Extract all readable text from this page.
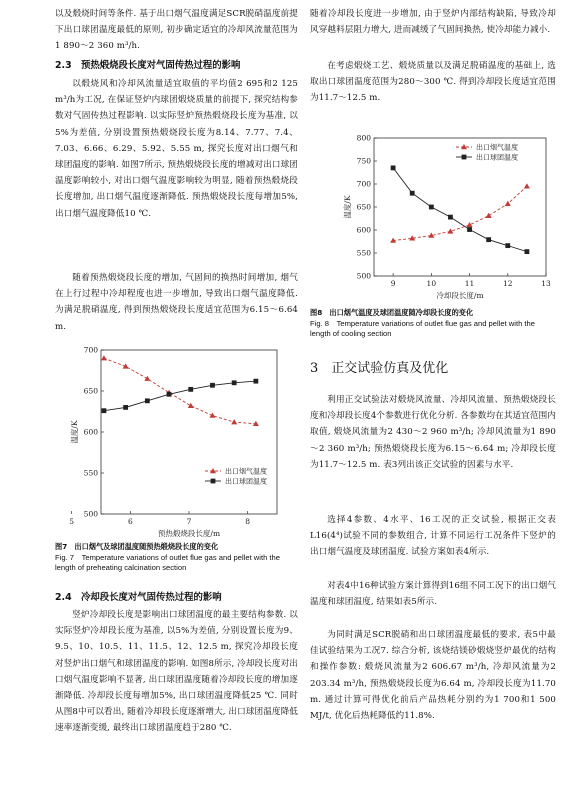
以及煅烧时间等条件. 基于出口烟气温度满足SCR脱硝温度前提下出口球团温度最低的原则, 初步确定适宜的冷却风流量范围为1 890～2 360 m³/h.

2.3　预热煅烧段长度对气固传热过程的影响

以煅烧风和冷却风流量适宜取值的平均值2 695和2 125 m³/h为工况, 在保证竖炉内球团煅烧质量的前提下, 探究结构参数对气固传热过程影响. 以实际竖炉预热煅烧段长度为基准, 以5%为差值, 分别设置预热煅烧段长度为8.14、7.77、7.4、7.03、6.66、6.29、5.92、5.55 m, 探究长度对出口烟气和球团温度的影响. 如图7所示, 预热煅烧段长度的增减对出口球团温度影响较小, 对出口烟气温度影响较为明显, 随着预热煅烧段长度增加, 出口烟气温度逐渐降低. 预热煅烧段长度每增加5%, 出口烟气温度降低10 ℃.

随着预热煅烧段长度的增加, 气固间的换热时间增加, 烟气在上行过程中冷却程度也进一步增加, 导致出口烟气温度降低. 为满足脱硝温度, 得到预热煅烧段长度适宜范围为6.15～6.64 m.

5	6	7	8
500
550
600
650
700
预热煅烧段长度/m
温度/K
出口烟气温度
出口球团温度
图7　出口烟气及球团温度随预热煅烧段长度的变化
Fig. 7　Temperature variations of outlet flue gas and pellet with the length of preheating calcination section
2.4　冷却段长度对气固传热过程的影响

竖炉冷却段长度是影响出口球团温度的最主要结构参数. 以实际竖炉冷却段长度为基准, 以5%为差值, 分别设置长度为9、9.5、10、10.5、11、11.5、12、12.5 m, 探究冷却段长度对竖炉出口烟气和球团温度的影响. 如图8所示, 冷却段长度对出口烟气温度影响不显著, 出口球团温度随着冷却段长度的增加逐渐降低. 冷却段长度每增加5%, 出口球团温度降低25 ℃. 同时从图8中可以看出, 随着冷却段长度逐渐增大, 出口球团温度降低速率逐渐变缓, 最终出口球团温度趋于280 ℃.

随着冷却段长度进一步增加, 由于竖炉内部结构缺陷, 导致冷却风穿越料层阻力增大, 进而减缓了气固间换热, 使冷却能力减小.

在考虑煅烧工艺、煅烧质量以及满足脱硝温度的基础上, 选取出口球团温度范围为280～300 ℃. 得到冷却段长度适宜范围为11.7～12.5 m.

9	10	11	12	13
500
550
600
650
700
750
800
冷却段长度/m
温度/K
出口烟气温度
出口球团温度
图8　出口烟气温度及球团温度随冷却段长度的变化
Fig. 8　Temperature variations of outlet flue gas and pellet with the length of cooling section
3　正交试验仿真及优化

利用正交试验法对煅烧风流量、冷却风流量、预热煅烧段长度和冷却段长度4个参数进行优化分析. 各参数均在其适宜范围内取值, 煅烧风流量为2 430～2 960 m³/h; 冷却风流量为1 890～2 360 m³/h; 预热煅烧段长度为6.15～6.64 m; 冷却段长度为11.7～12.5 m. 表3列出该正交试验的因素与水平.

选择4参数、4水平、16工况的正交试验, 根据正交表L16(4⁴)试验不同的参数组合, 计算不同运行工况条件下竖炉的出口烟气温度及球团温度. 试验方案如表4所示.

对表4中16种试验方案计算得到16组不同工况下的出口烟气温度和球团温度, 结果如表5所示.

为同时满足SCR脱硝和出口球团温度最低的要求, 表5中最佳试验结果为工况7. 综合分析, 该烧结镁砂煅烧竖炉最优的结构和操作参数: 煅烧风流量为2 606.67 m³/h, 冷却风流量为2 203.34 m³/h, 预热煅烧段长度为6.64 m, 冷却段长度为11.70 m. 通过计算可得优化前后产品热耗分别约为1 700和1 500 MJ/t, 优化后热耗降低约11.8%.
